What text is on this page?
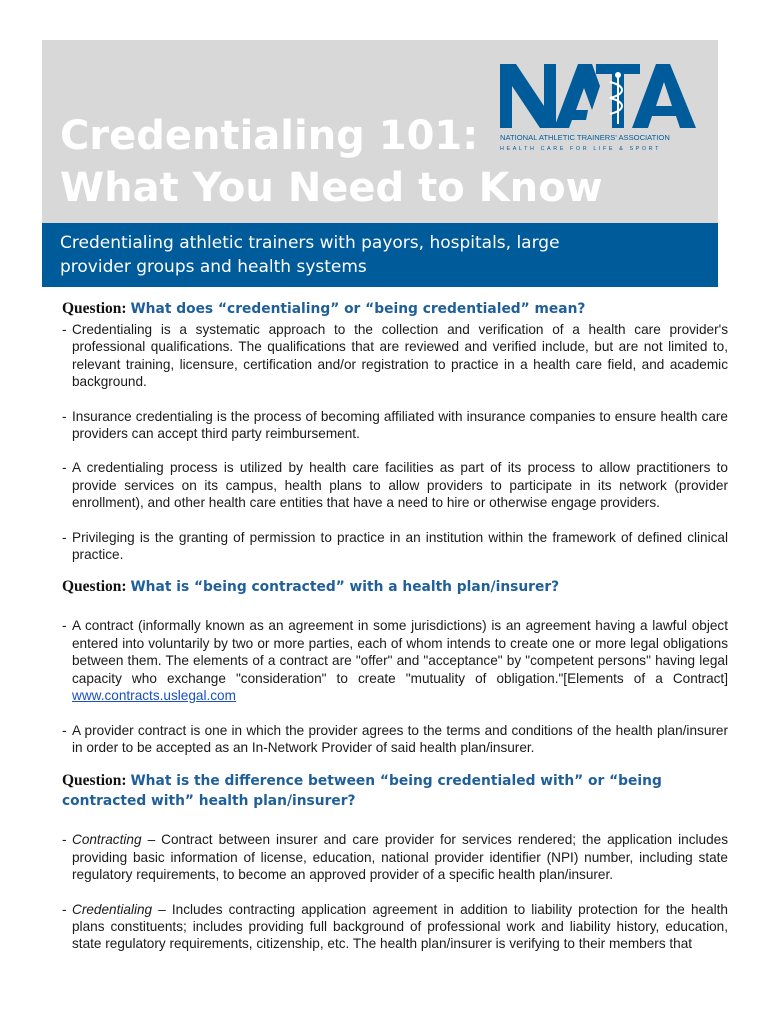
Credentialing 101:
What You Need to Know
NATIONAL ATHLETIC TRAINERS' ASSOCIATION
HEALTH CARE FOR LIFE & SPORT
Credentialing athletic trainers with payors, hospitals, large
provider groups and health systems
Question: What does “credentialing” or “being credentialed” mean?
- Credentialing is a systematic approach to the collection and verification of a health care provider's professional qualifications. The qualifications that are reviewed and verified include, but are not limited to, relevant training, licensure, certification and/or registration to practice in a health care field, and academic background.
- Insurance credentialing is the process of becoming affiliated with insurance companies to ensure health care providers can accept third party reimbursement.
- A credentialing process is utilized by health care facilities as part of its process to allow practitioners to provide services on its campus, health plans to allow providers to participate in its network (provider enrollment), and other health care entities that have a need to hire or otherwise engage providers.
- Privileging is the granting of permission to practice in an institution within the framework of defined clinical practice.
Question: What is “being contracted” with a health plan/insurer?
- A contract (informally known as an agreement in some jurisdictions) is an agreement having a lawful object entered into voluntarily by two or more parties, each of whom intends to create one or more legal obligations between them. The elements of a contract are "offer" and "acceptance" by "competent persons" having legal capacity who exchange "consideration" to create "mutuality of obligation."[Elements of a Contract] www.contracts.uslegal.com
- A provider contract is one in which the provider agrees to the terms and conditions of the health plan/insurer in order to be accepted as an In-Network Provider of said health plan/insurer.
Question: What is the difference between “being credentialed with” or “being contracted with” health plan/insurer?
- Contracting – Contract between insurer and care provider for services rendered; the application includes providing basic information of license, education, national provider identifier (NPI) number, including state regulatory requirements, to become an approved provider of a specific health plan/insurer.
- Credentialing – Includes contracting application agreement in addition to liability protection for the health plans constituents; includes providing full background of professional work and liability history, education, state regulatory requirements, citizenship, etc. The health plan/insurer is verifying to their members that
